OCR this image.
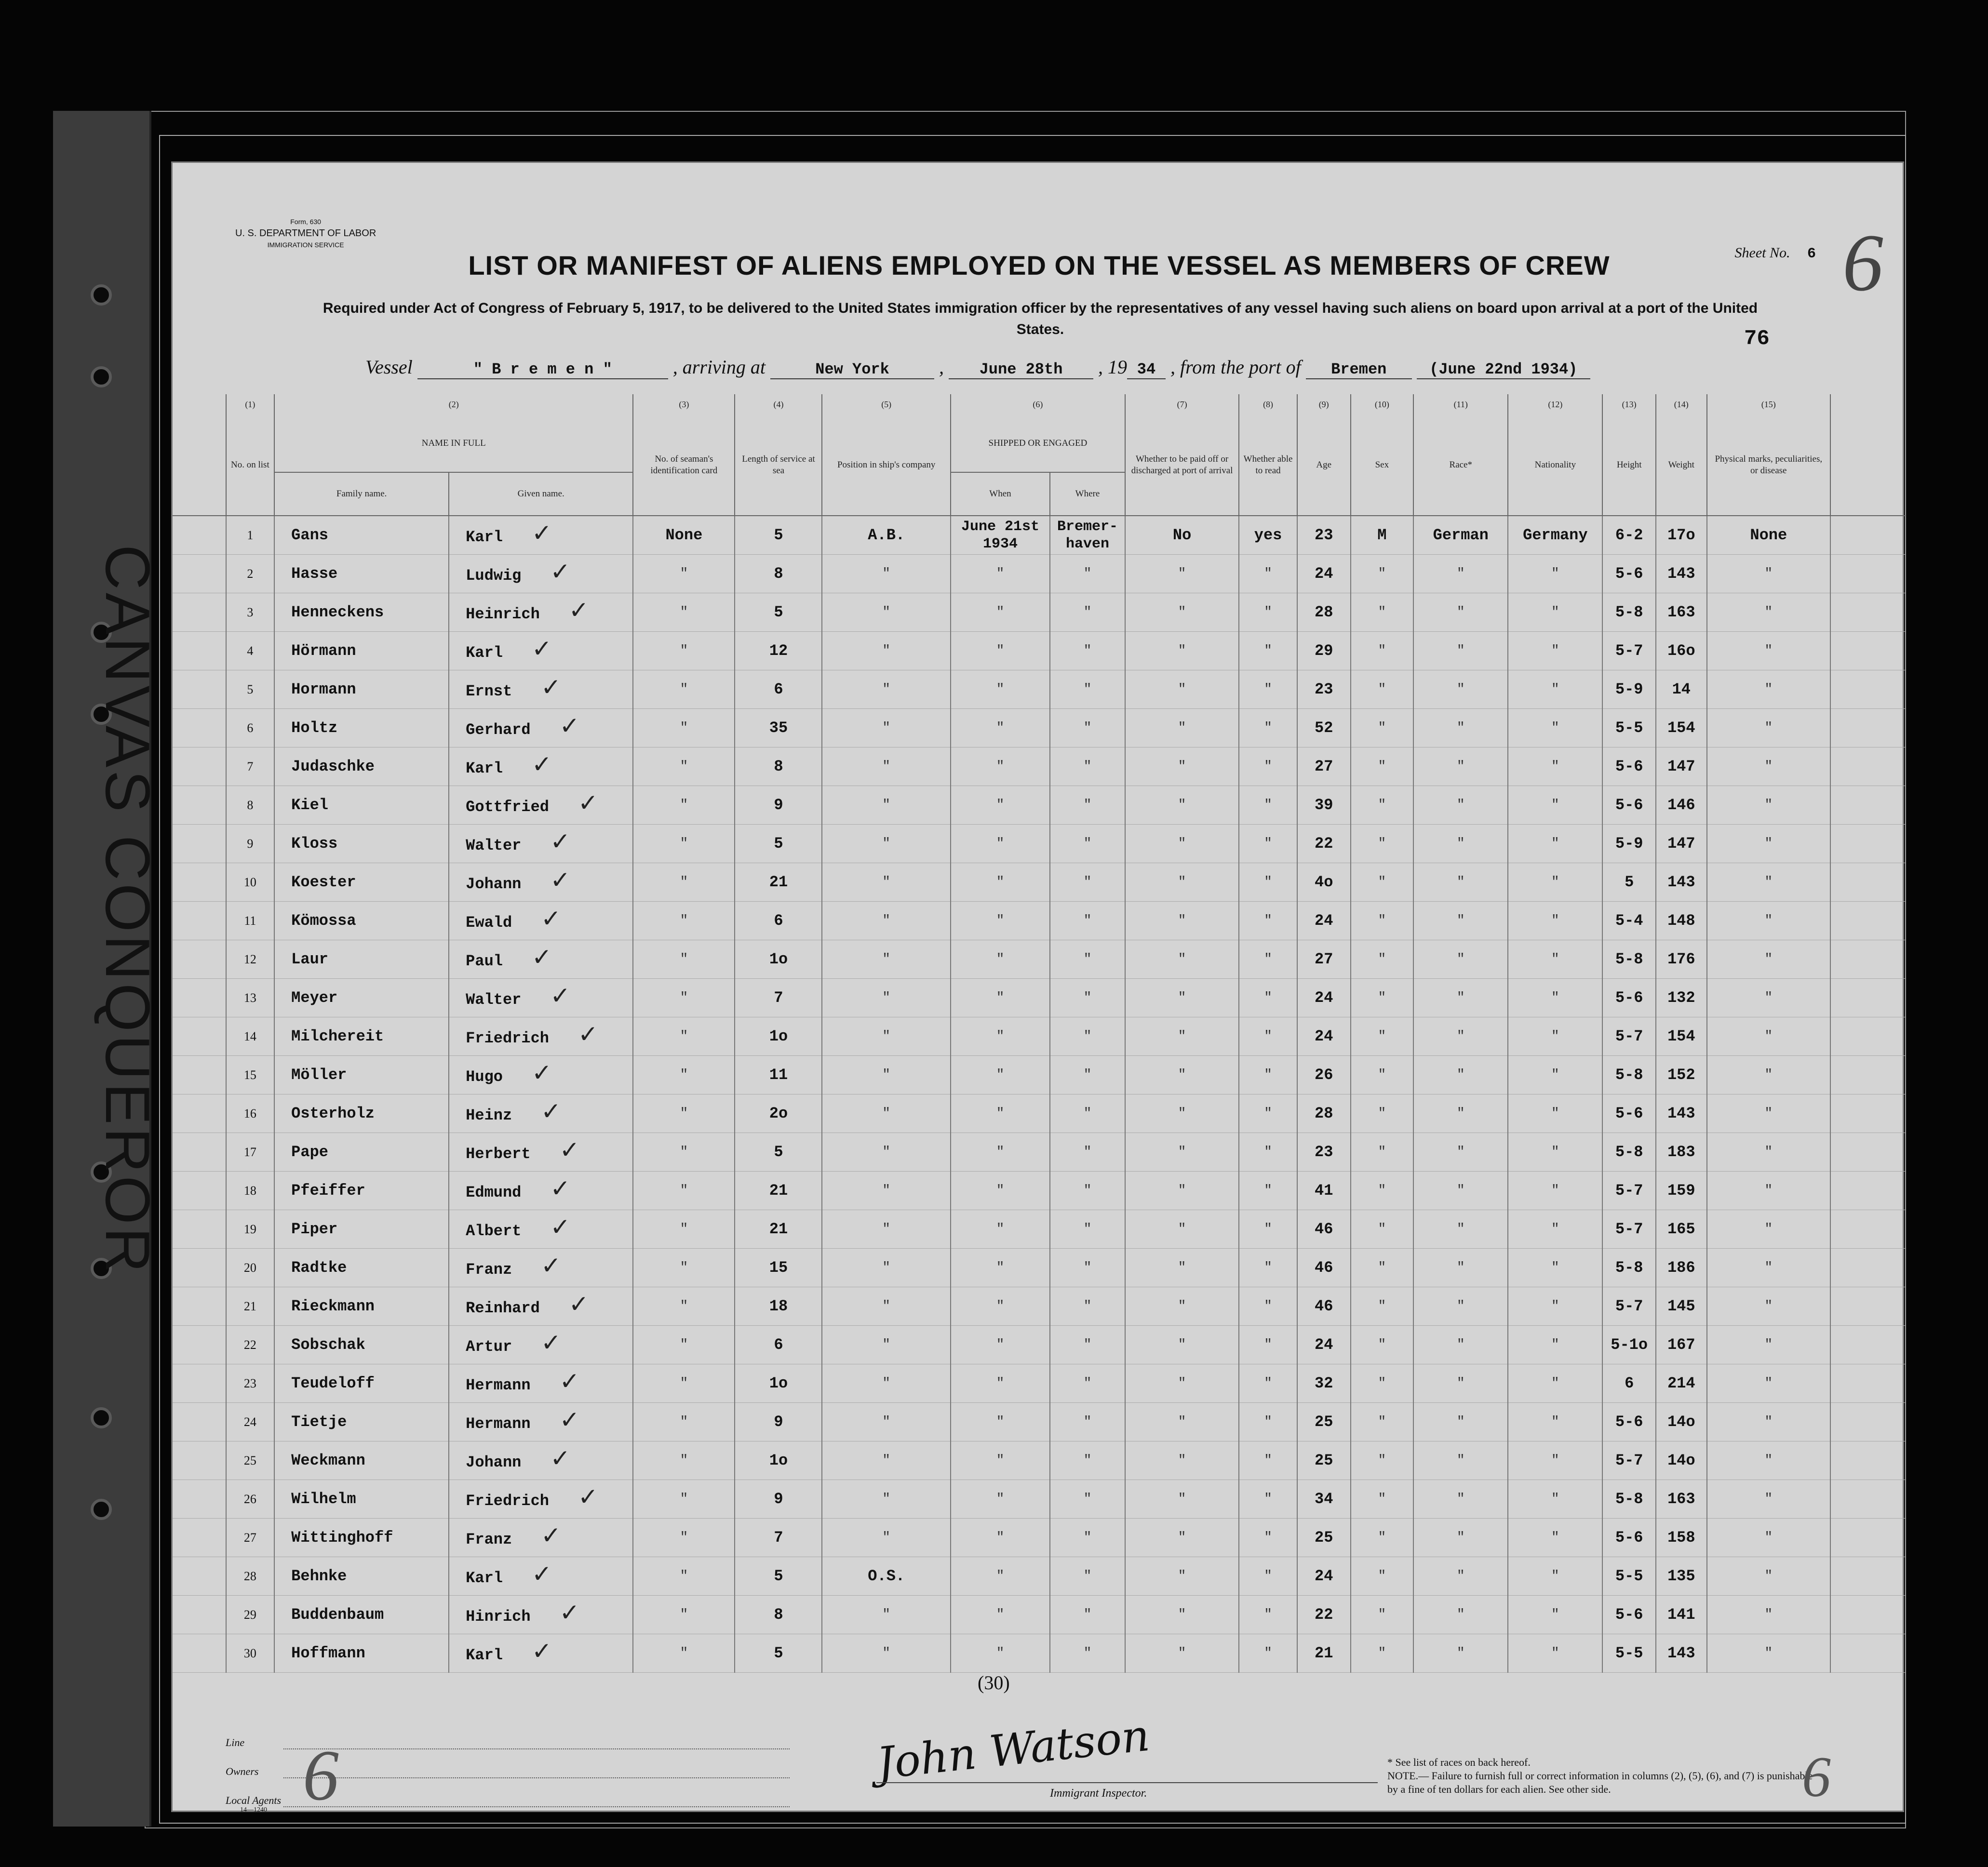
CANVAS CONQUEROR
Form, 630
U. S. DEPARTMENT OF LABOR
IMMIGRATION SERVICE	Sheet No. 6 6
LIST OR MANIFEST OF ALIENS EMPLOYED ON THE VESSEL AS MEMBERS OF CREW
Required under Act of Congress of February 5, 1917, to be delivered to the United States immigration officer by the representatives of any vessel having such aliens on board upon arrival at a port of the United States.	76
Vessel	" B r e m e n "	, arriving at	New York , June 28th , 19 34 , from the port of Bremen	(June 22nd 1934)
	(1)	(2)		(3)	(4)	(5)	(6)		(7)	(8)	(9)	(10)	(11)	(12)	(13)	(14)	(15)	
	No. on list	NAME IN FULL		No. of seaman's identification card	Length of service at sea	Position in ship's company	SHIPPED OR ENGAGED		Whether to be paid off or discharged at port of arrival	Whether able to read	Age	Sex	Race*	Nationality	Height	Weight	Physical marks, peculiarities, or disease	
		Family name.	Given name.				When	Where										
	1	Gans	Karl ✓	None	5	A.B.	June 21st 1934	Bremer-haven	No	yes	23	M	German	Germany	6-2	17o	None	
	2	Hasse	Ludwig ✓	"	8	"	"	"	"	"	24	"	"	"	5-6	143	"	
	3	Henneckens	Heinrich ✓	"	5	"	"	"	"	"	28	"	"	"	5-8	163	"	
	4	Hörmann	Karl ✓	"	12	"	"	"	"	"	29	"	"	"	5-7	16o	"	
	5	Hormann	Ernst ✓	"	6	"	"	"	"	"	23	"	"	"	5-9	14	"	
	6	Holtz	Gerhard ✓	"	35	"	"	"	"	"	52	"	"	"	5-5	154	"	
	7	Judaschke	Karl ✓	"	8	"	"	"	"	"	27	"	"	"	5-6	147	"	
	8	Kiel	Gottfried ✓	"	9	"	"	"	"	"	39	"	"	"	5-6	146	"	
	9	Kloss	Walter ✓	"	5	"	"	"	"	"	22	"	"	"	5-9	147	"	
	10	Koester	Johann ✓	"	21	"	"	"	"	"	4o	"	"	"	5	143	"	
	11	Kömossa	Ewald ✓	"	6	"	"	"	"	"	24	"	"	"	5-4	148	"	
	12	Laur	Paul ✓	"	1o	"	"	"	"	"	27	"	"	"	5-8	176	"	
	13	Meyer	Walter ✓	"	7	"	"	"	"	"	24	"	"	"	5-6	132	"	
	14	Milchereit	Friedrich ✓	"	1o	"	"	"	"	"	24	"	"	"	5-7	154	"	
	15	Möller	Hugo ✓	"	11	"	"	"	"	"	26	"	"	"	5-8	152	"	
	16	Osterholz	Heinz ✓	"	2o	"	"	"	"	"	28	"	"	"	5-6	143	"	
	17	Pape	Herbert ✓	"	5	"	"	"	"	"	23	"	"	"	5-8	183	"	
	18	Pfeiffer	Edmund ✓	"	21	"	"	"	"	"	41	"	"	"	5-7	159	"	
	19	Piper	Albert ✓	"	21	"	"	"	"	"	46	"	"	"	5-7	165	"	
	20	Radtke	Franz ✓	"	15	"	"	"	"	"	46	"	"	"	5-8	186	"	
	21	Rieckmann	Reinhard ✓	"	18	"	"	"	"	"	46	"	"	"	5-7	145	"	
	22	Sobschak	Artur ✓	"	6	"	"	"	"	"	24	"	"	"	5-1o	167	"	
	23	Teudeloff	Hermann ✓	"	1o	"	"	"	"	"	32	"	"	"	6	214	"	
	24	Tietje	Hermann ✓	"	9	"	"	"	"	"	25	"	"	"	5-6	14o	"	
	25	Weckmann	Johann ✓	"	1o	"	"	"	"	"	25	"	"	"	5-7	14o	"	
	26	Wilhelm	Friedrich ✓	"	9	"	"	"	"	"	34	"	"	"	5-8	163	"	
	27	Wittinghoff	Franz ✓	"	7	"	"	"	"	"	25	"	"	"	5-6	158	"	
	28	Behnke	Karl ✓	"	5	O.S.	"	"	"	"	24	"	"	"	5-5	135	"	
	29	Buddenbaum	Hinrich ✓	"	8	"	"	"	"	"	22	"	"	"	5-6	141	"	
	30	Hoffmann	Karl ✓	"	5	"	"	"	"	"	21	"	"	"	5-5	143	"	
(30)
Line
Owners
Local Agents
14—1240 6	John Watson
Immigrant Inspector.
* See list of races on back hereof.
NOTE.— Failure to furnish full or correct information in columns (2), (5), (6), and (7) is punishable by a fine of ten dollars for each alien. See other side.	6
